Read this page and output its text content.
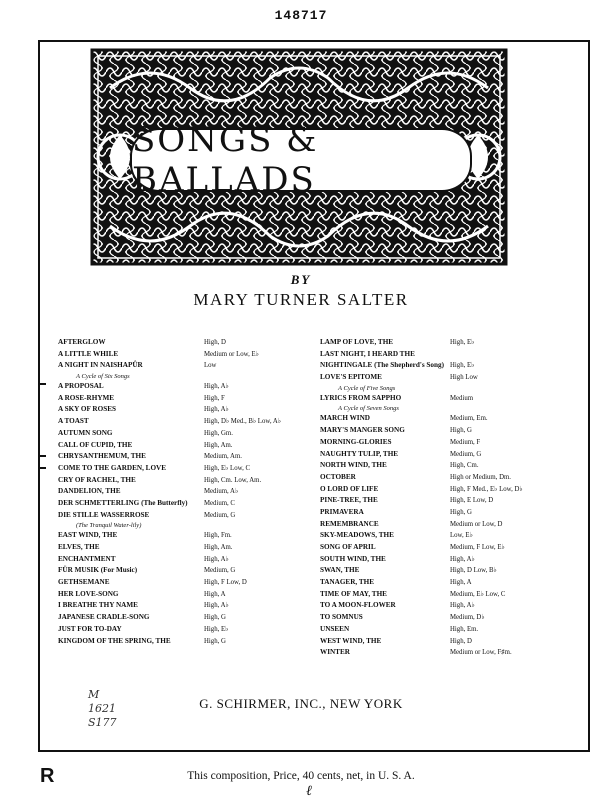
148717
SONGS & BALLADS
BY
MARY TURNER SALTER
AFTERGLOW	High, D
A LITTLE WHILE	Medium or Low, E♭
A NIGHT IN NAISHAPÛR	Low
A Cycle of Six Songs
A PROPOSAL	High, A♭
A ROSE-RHYME	High, F
A SKY OF ROSES	High, A♭
A TOAST	High, D♭ Med., B♭ Low, A♭
AUTUMN SONG	High, Gm.
CALL OF CUPID, THE	High, Am.
CHRYSANTHEMUM, THE	Medium, Am.
COME TO THE GARDEN, LOVE	High, E♭ Low, C
CRY OF RACHEL, THE	High, Cm. Low, Am.
DANDELION, THE	Medium, A♭
DER SCHMETTERLING (The Butterfly) Medium, C
DIE STILLE WASSERROSE	Medium, G
(The Tranquil Water-lily)
EAST WIND, THE	High, Fm.
ELVES, THE	High, Am.
ENCHANTMENT	High, A♭
FÜR MUSIK (For Music)	Medium, G
GETHSEMANE	High, F Low, D
HER LOVE-SONG	High, A
I BREATHE THY NAME	High, A♭
JAPANESE CRADLE-SONG	High, G
JUST FOR TO-DAY	High, E♭
KINGDOM OF THE SPRING, THE	High, G
LAMP OF LOVE, THE	High, E♭
LAST NIGHT, I HEARD THE
NIGHTINGALE (The Shepherd's Song) High, E♭
LOVE'S EPITOME	High Low
A Cycle of Five Songs
LYRICS FROM SAPPHO	Medium
A Cycle of Seven Songs
MARCH WIND	Medium, Em.
MARY'S MANGER SONG	High, G
MORNING-GLORIES	Medium, F
NAUGHTY TULIP, THE	Medium, G
NORTH WIND, THE	High, Cm.
OCTOBER	High or Medium, Dm.
O LORD OF LIFE	High, F Med., E♭ Low, D♭
PINE-TREE, THE	High, E Low, D
PRIMAVERA	High, G
REMEMBRANCE	Medium or Low, D
SKY-MEADOWS, THE	Low, E♭
SONG OF APRIL	Medium, F Low, E♭
SOUTH WIND, THE	High, A♭
SWAN, THE	High, D Low, B♭
TANAGER, THE	High, A
TIME OF MAY, THE	Medium, E♭ Low, C
TO A MOON-FLOWER	High, A♭
TO SOMNUS	Medium, D♭
UNSEEN	High, Em.
WEST WIND, THE	High, D
WINTER	Medium or Low, F♯m.
M
1621
S177
G. SCHIRMER, INC., NEW YORK
R	This composition, Price, 40 cents, net, in U. S. A.
ℓ
